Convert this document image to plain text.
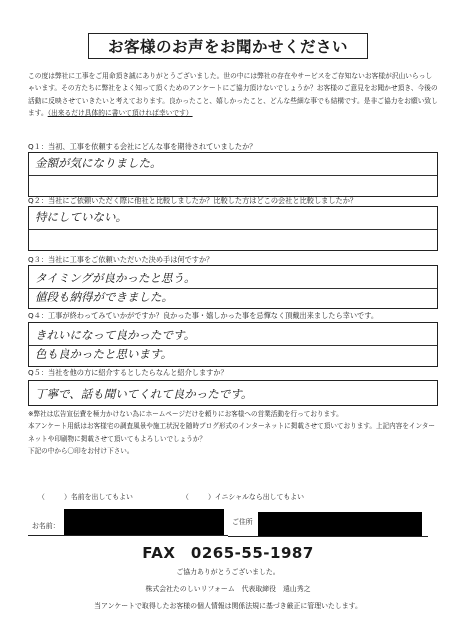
お客様のお声をお聞かせください
この度は弊社に工事をご用命頂き誠にありがとうございました。世の中には弊社の存在やサービスをご存知ないお客様が沢山いらっしゃいます。その方たちに弊社をよく知って頂くためのアンケートにご協力頂けないでしょうか？お客様のご意見をお聞かせ頂き、今後の活動に反映させていきたいと考えております。良かったこと、嬉しかったこと、どんな些細な事でも結構です。是非ご協力をお願い致します。（出来るだけ具体的に書いて頂ければ幸いです）
Q１：当初、工事を依頼する会社にどんな事を期待されていましたか？
金額が気になりました。
Q２：当社にご依頼いただく際に他社と比較しましたか？比較した方はどこの会社と比較しましたか？
特にしていない。
Q３：当社に工事をご依頼いただいた決め手は何ですか？
タイミングが良かったと思う。
値段も納得ができました。
Q４：工事が終わってみていかがですか？良かった事・嬉しかった事を忌憚なく頂戴出来ましたら幸いです。
きれいになって良かったです。
色も良かったと思います。
Q５：当社を他の方に紹介するとしたらなんと紹介しますか？
丁寧で、話も聞いてくれて良かったです。
※弊社は広告宣伝費を極力かけない為にホームページだけを頼りにお客様への営業活動を行っております。
本アンケート用紙はお客様宅の調査風景や施工状況を随時ブログ形式のインターネットに掲載させて頂いております。上記内容をインターネットや印刷物に掲載させて頂いてもよろしいでしょうか？
下記の中から〇印をお付け下さい。
（	）名前を出してもよい	（	）イニシャルなら出してもよい
お名前：	ご住所
FAX　0265-55-1987
ご協力ありがとうございました。
株式会社たのしいリフォーム　代表取締役　遠山秀之
当アンケートで取得したお客様の個人情報は関係法規に基づき厳正に管理いたします。
